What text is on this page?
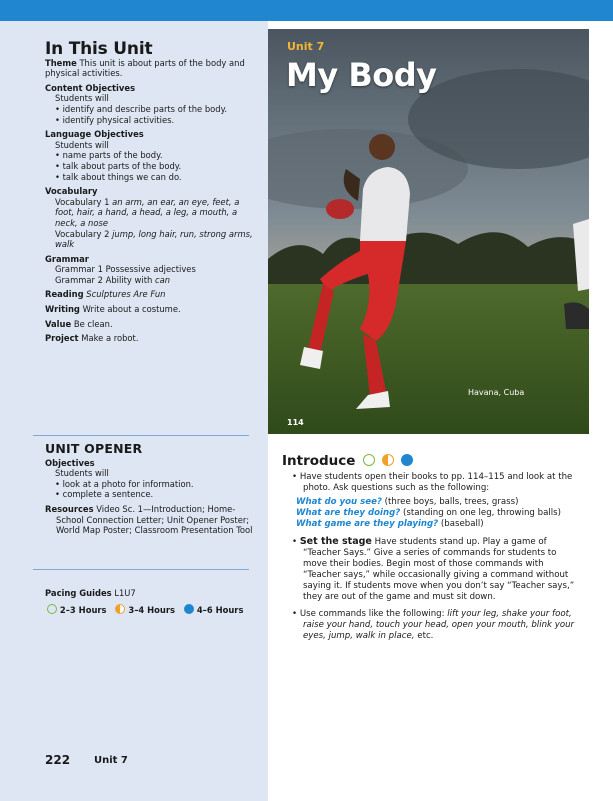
In This Unit
Theme This unit is about parts of the body and physical activities.
Content Objectives
Students will
• identify and describe parts of the body.
• identify physical activities.
Language Objectives
Students will
• name parts of the body.
• talk about parts of the body.
• talk about things we can do.
Vocabulary
Vocabulary 1 an arm, an ear, an eye, feet, a foot, hair, a hand, a head, a leg, a mouth, a neck, a nose
Vocabulary 2 jump, long hair, run, strong arms, walk
Grammar
Grammar 1 Possessive adjectives
Grammar 2 Ability with can
Reading Sculptures Are Fun
Writing Write about a costume.
Value Be clean.
Project Make a robot.
UNIT OPENER
Objectives
Students will
• look at a photo for information.
• complete a sentence.
Resources Video Sc. 1—Introduction; Home-School Connection Letter; Unit Opener Poster; World Map Poster; Classroom Presentation Tool
Pacing Guides L1U7
2–3 Hours	3–4 Hours	4–6 Hours
Unit 7
My Body
Havana, Cuba
114
Introduce
• Have students open their books to pp. 114–115 and look at the photo. Ask questions such as the following:
What do you see? (three boys, balls, trees, grass)
What are they doing? (standing on one leg, throwing balls)
What game are they playing? (baseball)
• Set the stage Have students stand up. Play a game of “Teacher Says.” Give a series of commands for students to move their bodies. Begin most of those commands with “Teacher says,” while occasionally giving a command without saying it. If students move when you don’t say “Teacher says,” they are out of the game and must sit down.
• Use commands like the following: lift your leg, shake your foot, raise your hand, touch your head, open your mouth, blink your eyes, jump, walk in place, etc.
222 Unit 7
